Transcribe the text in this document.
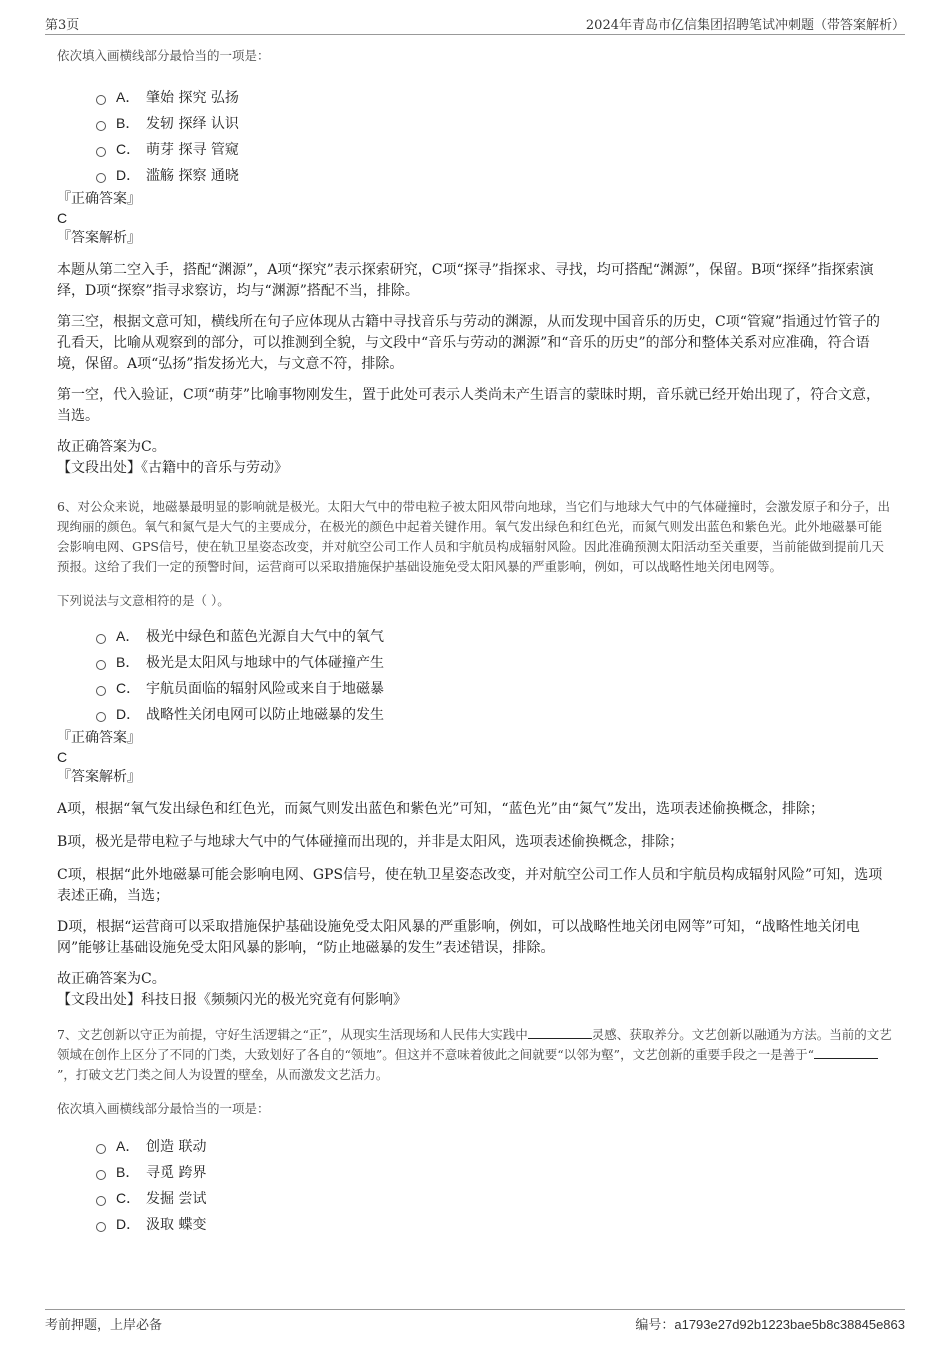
第3页	2024年青岛市亿信集团招聘笔试冲刺题（带答案解析）

依次填入画横线部分最恰当的一项是：

A． 肇始 探究 弘扬
B． 发轫 探绎 认识
C． 萌芽 探寻 管窥
D． 滥觞 探察 通晓

『正确答案』

C

『答案解析』

本题从第二空入手，搭配“渊源”，A项“探究”表示探索研究，C项“探寻”指探求、寻找，均可搭配“渊源”，保留。B项“探绎”指探索演绎，D项“探察”指寻求察访，均与“渊源”搭配不当，排除。

第三空，根据文意可知，横线所在句子应体现从古籍中寻找音乐与劳动的渊源，从而发现中国音乐的历史，C项“管窥”指通过竹管子的孔看天，比喻从观察到的部分，可以推测到全貌，与文段中“音乐与劳动的渊源”和“音乐的历史”的部分和整体关系对应准确，符合语境，保留。A项“弘扬”指发扬光大，与文意不符，排除。

第一空，代入验证，C项“萌芽”比喻事物刚发生，置于此处可表示人类尚未产生语言的蒙昧时期，音乐就已经开始出现了，符合文意，当选。

故正确答案为C。

【文段出处】《古籍中的音乐与劳动》

6、对公众来说，地磁暴最明显的影响就是极光。太阳大气中的带电粒子被太阳风带向地球，当它们与地球大气中的气体碰撞时，会激发原子和分子，出现绚丽的颜色。氧气和氮气是大气的主要成分，在极光的颜色中起着关键作用。氧气发出绿色和红色光，而氮气则发出蓝色和紫色光。此外地磁暴可能会影响电网、GPS信号，使在轨卫星姿态改变，并对航空公司工作人员和宇航员构成辐射风险。因此准确预测太阳活动至关重要，当前能做到提前几天预报。这给了我们一定的预警时间，运营商可以采取措施保护基础设施免受太阳风暴的严重影响，例如，可以战略性地关闭电网等。

下列说法与文意相符的是（ ）。

A． 极光中绿色和蓝色光源自大气中的氧气
B． 极光是太阳风与地球中的气体碰撞产生
C． 宇航员面临的辐射风险或来自于地磁暴
D． 战略性关闭电网可以防止地磁暴的发生

『正确答案』

C

『答案解析』

A项，根据“氧气发出绿色和红色光，而氮气则发出蓝色和紫色光”可知，“蓝色光”由“氮气”发出，选项表述偷换概念，排除；

B项，极光是带电粒子与地球大气中的气体碰撞而出现的，并非是太阳风，选项表述偷换概念，排除；

C项，根据“此外地磁暴可能会影响电网、GPS信号，使在轨卫星姿态改变，并对航空公司工作人员和宇航员构成辐射风险”可知，选项表述正确，当选；

D项，根据“运营商可以采取措施保护基础设施免受太阳风暴的严重影响，例如，可以战略性地关闭电网等”可知，“战略性地关闭电网”能够让基础设施免受太阳风暴的影响，“防止地磁暴的发生”表述错误，排除。

故正确答案为C。

【文段出处】科技日报《频频闪光的极光究竟有何影响》

7、文艺创新以守正为前提，守好生活逻辑之“正”，从现实生活现场和人民伟大实践中	灵感、获取养分。文艺创新以融通为方法。当前的文艺领域在创作上区分了不同的门类，大致划好了各自的“领地”。但这并不意味着彼此之间就要“以邻为壑”，文艺创新的重要手段之一是善于“”，打破文艺门类之间人为设置的壁垒，从而激发文艺活力。

依次填入画横线部分最恰当的一项是：

A． 创造 联动
B． 寻觅 跨界
C． 发掘 尝试
D． 汲取 蝶变
考前押题，上岸必备	编号：a1793e27d92b1223bae5b8c38845e863
